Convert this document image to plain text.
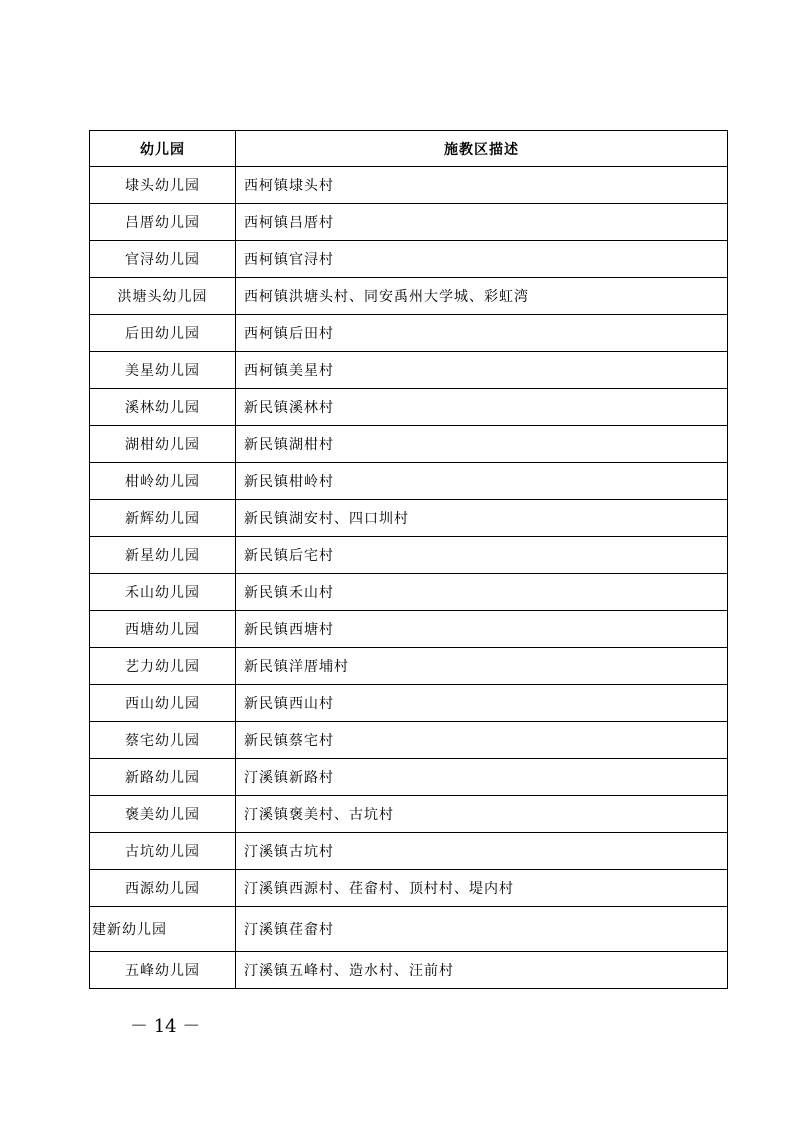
幼儿园	施教区描述
埭头幼儿园	西柯镇埭头村
吕厝幼儿园	西柯镇吕厝村
官浔幼儿园	西柯镇官浔村
洪塘头幼儿园	西柯镇洪塘头村、同安禹州大学城、彩虹湾
后田幼儿园	西柯镇后田村
美星幼儿园	西柯镇美星村
溪林幼儿园	新民镇溪林村
湖柑幼儿园	新民镇湖柑村
柑岭幼儿园	新民镇柑岭村
新辉幼儿园	新民镇湖安村、四口圳村
新星幼儿园	新民镇后宅村
禾山幼儿园	新民镇禾山村
西塘幼儿园	新民镇西塘村
艺力幼儿园	新民镇洋厝埔村
西山幼儿园	新民镇西山村
蔡宅幼儿园	新民镇蔡宅村
新路幼儿园	汀溪镇新路村
褒美幼儿园	汀溪镇褒美村、古坑村
古坑幼儿园	汀溪镇古坑村
西源幼儿园	汀溪镇西源村、荏畲村、顶村村、堤内村
建新幼儿园	汀溪镇荏畲村
五峰幼儿园	汀溪镇五峰村、造水村、汪前村
－ 14 －
